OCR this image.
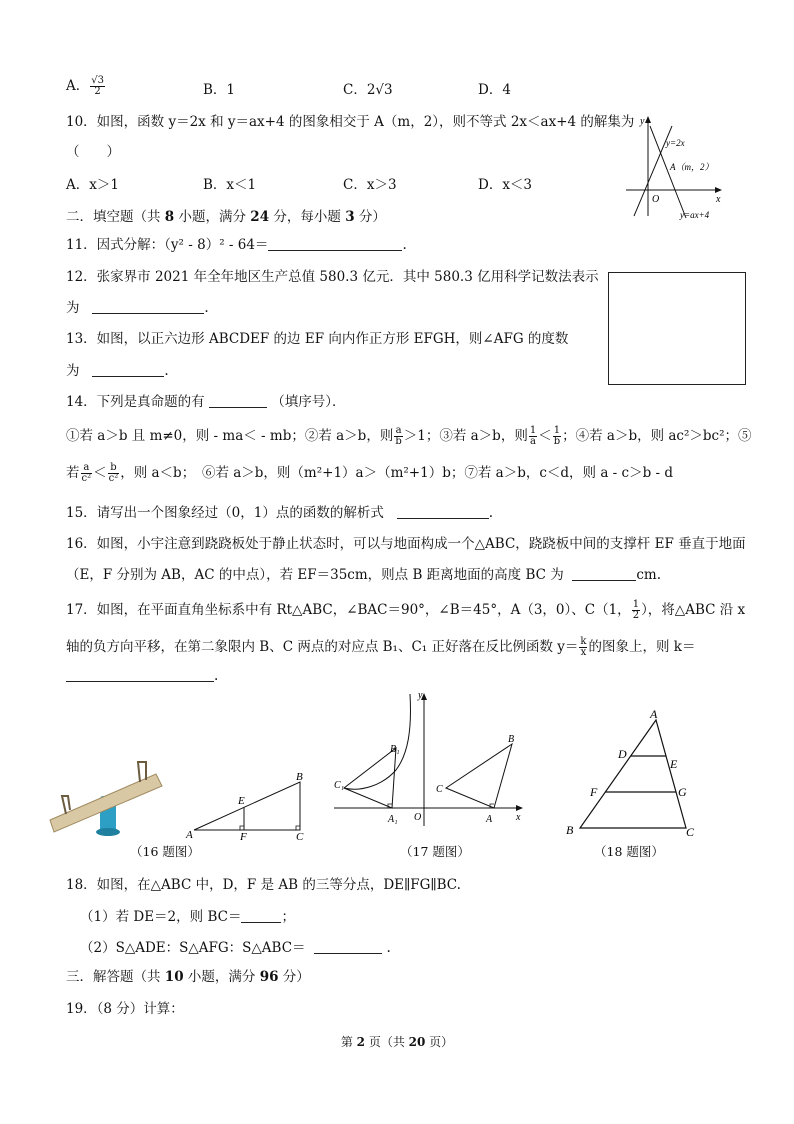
A． $\frac{√3}{2}$	B．1	C．2√3	D．4
10．如图，函数 y＝2x 和 y＝ax+4 的图象相交于 A（m，2），则不等式 2x＜ax+4 的解集为
（　　）
A．x＞1	B．x＜1	C．x＞3	D．x＜3
y
x
O
y=2x
A（m，2）
y=ax+4
二．填空题（共 8 小题，满分 24 分，每小题 3 分）
11．因式分解：（y² - 8）² - 64＝	.
12．张家界市 2021 年全年地区生产总值 580.3 亿元．其中 580.3 亿用科学记数法表示
为	.
13．如图，以正六边形 ABCDEF 的边 EF 向内作正方形 EFGH，则∠AFG 的度数
为	.
14．下列是真命题的有	（填序号）．
①若 a＞b 且 m≠0，则 - ma＜ - mb；②若 a＞b，则 $\frac{a}{b} >1$；③若 a＞b，则 $\frac{1}{a} < \frac{1}{b}$ ；④若 a＞b，则 ac²＞bc²；⑤
若 $\frac{a}{\text{c²}} < \frac{b}{\text{c²}}$ ，则 a＜b；　⑥若 a＞b，则（m²+1）a＞（m²+1）b；⑦若 a＞b，c＜d，则 a - c＞b - d
15．请写出一个图象经过（0，1）点的函数的解析式	.
16．如图，小宇注意到跷跷板处于静止状态时，可以与地面构成一个△ABC，跷跷板中间的支撑杆 EF 垂直于地面
（E，F 分别为 AB，AC 的中点），若 EF＝35cm，则点 B 距离地面的高度 BC 为	cm.
17．如图，在平面直角坐标系中有 Rt△ABC，∠BAC＝90°，∠B＝45°，A（3，0）、C（1， $\frac{1}{2}$ ），将△ABC 沿 x
轴的负方向平移，在第二象限内 B、C 两点的对应点 B₁、C₁ 正好落在反比例函数 $y= \frac{k}{x}$ 的图象上，则 k＝
.
A
B
C
E
F
（16 题图）
y
x
O
A₁
B₁
C₁
A
B
C
（17 题图）
A
B	C
D
E
F	G
（18 题图）
18．如图，在△ABC 中，D，F 是 AB 的三等分点，DE∥FG∥BC.
（1）若 DE＝2，则 BC＝	；
（2）S△ADE：S△AFG：S△ABC＝	.
三．解答题（共 10 小题，满分 96 分）
19．（8 分）计算：
第 2 页（共 20 页）
